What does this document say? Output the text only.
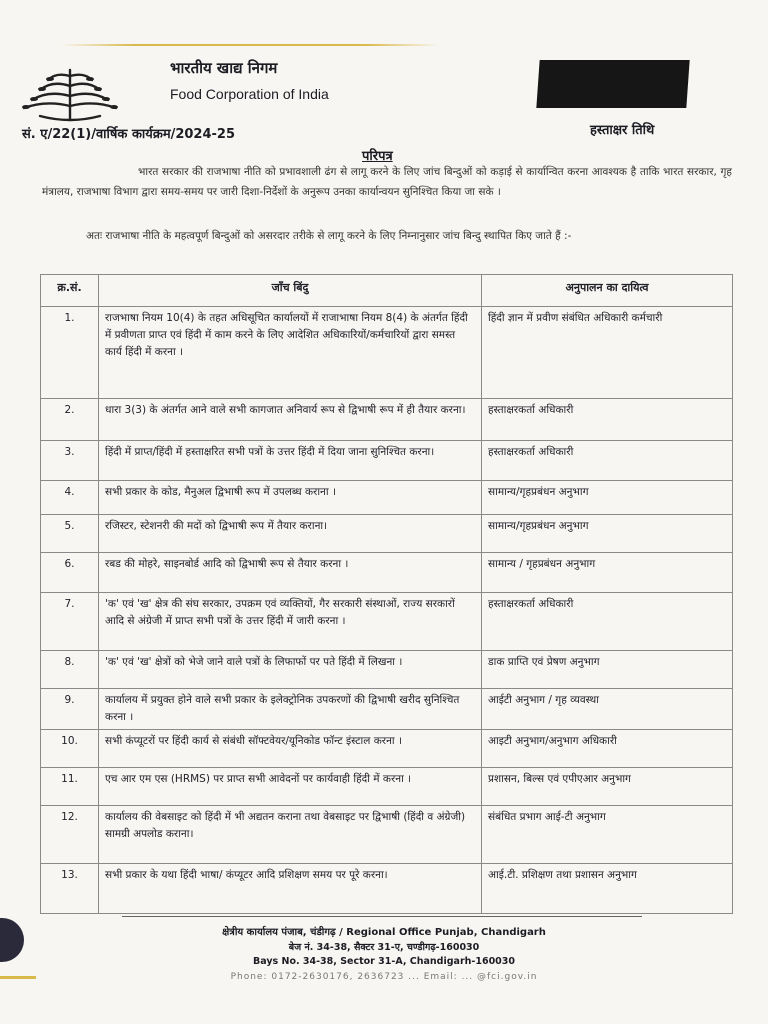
भारतीय खाद्य निगम
Food Corporation of India
सं. ए/22(1)/वार्षिक कार्यक्रम/2024-25	हस्ताक्षर तिथि
परिपत्र
भारत सरकार की राजभाषा नीति को प्रभावशाली ढंग से लागू करने के लिए जांच बिन्दुओं को कड़ाई से कार्यान्वित करना आवश्यक है ताकि भारत सरकार, गृह मंत्रालय, राजभाषा विभाग द्वारा समय-समय पर जारी दिशा-निर्देशों के अनुरूप उनका कार्यान्वयन सुनिश्चित किया जा सके ।
अतः राजभाषा नीति के महत्वपूर्ण बिन्दुओं को असरदार तरीके से लागू करने के लिए निम्नानुसार जांच बिन्दु स्थापित किए जाते हैं :-
क्र.सं.	जाँच बिंदु	अनुपालन का दायित्व
1.	राजभाषा नियम 10(4) के तहत अधिसूचित कार्यालयों में राजाभाषा नियम 8(4) के अंतर्गत हिंदी में प्रवीणता प्राप्त एवं हिंदी में काम करने के लिए आदेशित अधिकारियों/कर्मचारियों द्वारा समस्त कार्य हिंदी में करना ।	हिंदी ज्ञान में प्रवीण संबंधित अधिकारी कर्मचारी
2.	धारा 3(3) के अंतर्गत आने वाले सभी कागजात अनिवार्य रूप से द्विभाषी रूप में ही तैयार करना।	हस्ताक्षरकर्ता अधिकारी
3.	हिंदी में प्राप्त/हिंदी में हस्ताक्षरित सभी पत्रों के उत्तर हिंदी में दिया जाना सुनिश्चित करना।	हस्ताक्षरकर्ता अधिकारी
4.	सभी प्रकार के कोड, मैनुअल द्विभाषी रूप में उपलब्ध कराना ।	सामान्य/गृहप्रबंधन अनुभाग
5.	रजिस्टर, स्टेशनरी की मदों को द्विभाषी रूप में तैयार कराना।	सामान्य/गृहप्रबंधन अनुभाग
6.	रबड की मोहरे, साइनबोर्ड आदि को द्विभाषी रूप से तैयार करना ।	सामान्य / गृहप्रबंधन अनुभाग
7.	'क' एवं 'ख' क्षेत्र की संघ सरकार, उपक्रम एवं व्यक्तियों, गैर सरकारी संस्थाओं, राज्य सरकारों आदि से अंग्रेजी में प्राप्त सभी पत्रों के उत्तर हिंदी में जारी करना ।	हस्ताक्षरकर्ता अधिकारी
8.	'क' एवं 'ख' क्षेत्रों को भेजे जाने वाले पत्रों के लिफाफों पर पते हिंदी में लिखना ।	डाक प्राप्ति एवं प्रेषण अनुभाग
9.	कार्यालय में प्रयुक्त होने वाले सभी प्रकार के इलेक्ट्रोनिक उपकरणों की द्विभाषी खरीद सुनिश्चित करना ।	आईटी अनुभाग / गृह व्यवस्था
10.	सभी कंप्यूटरों पर हिंदी कार्य से संबंधी सॉफ्टवेयर/यूनिकोड फॉन्ट इंस्टाल करना ।	आइटी अनुभाग/अनुभाग अधिकारी
11.	एच आर एम एस (HRMS) पर प्राप्त सभी आवेदनों पर कार्यवाही हिंदी में करना ।	प्रशासन, बिल्स एवं एपीएआर अनुभाग
12.	कार्यालय की वेबसाइट को हिंदी में भी अद्यतन कराना तथा वेबसाइट पर द्विभाषी (हिंदी व अंग्रेजी) सामग्री अपलोड कराना।	संबंधित प्रभाग आई-टी अनुभाग
13.	सभी प्रकार के यथा हिंदी भाषा/ कंप्यूटर आदि प्रशिक्षण समय पर पूरे करना।	आई.टी. प्रशिक्षण तथा प्रशासन अनुभाग
क्षेत्रीय कार्यालय पंजाब, चंडीगढ़ / Regional Office Punjab, Chandigarh
बेज नं. 34-38, सैक्टर 31-ए, चण्डीगढ़-160030
Bays No. 34-38, Sector 31-A, Chandigarh-160030
Phone: 0172-2630176, 2636723 ... Email: ... @fci.gov.in
